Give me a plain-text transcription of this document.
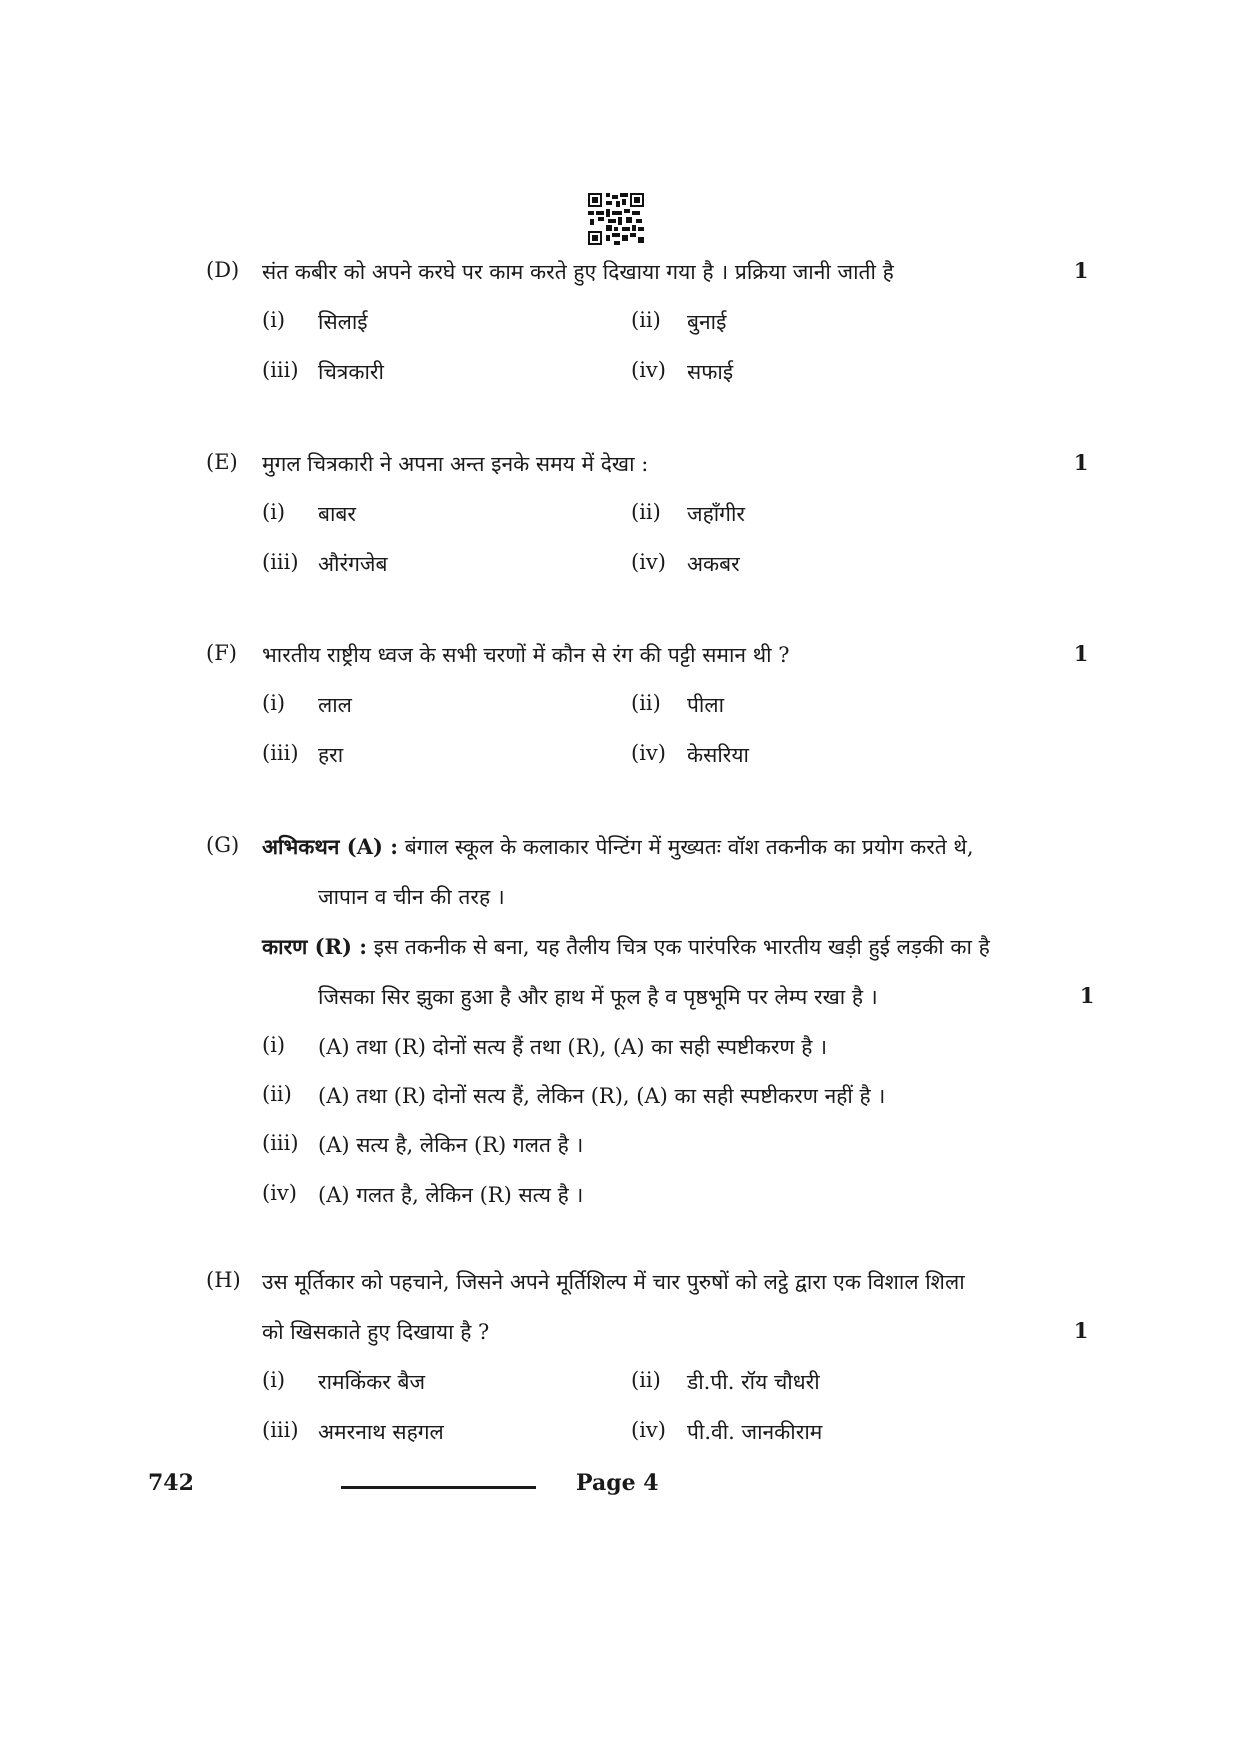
(D)	संत कबीर को अपने करघे पर काम करते हुए दिखाया गया है । प्रक्रिया जानी जाती है	1
(i)	सिलाई	(ii)	बुनाई
(iii) चित्रकारी	(iv)	सफाई
(E)	मुगल चित्रकारी ने अपना अन्त इनके समय में देखा :	1
(i)	बाबर	(ii)	जहाँगीर
(iii) औरंगजेब	(iv)	अकबर
(F)	भारतीय राष्ट्रीय ध्वज के सभी चरणों में कौन से रंग की पट्टी समान थी ?	1
(i)	लाल	(ii)	पीला
(iii) हरा	(iv)	केसरिया
(G)	अभिकथन (A) : बंगाल स्कूल के कलाकार पेन्टिंग में मुख्यतः वॉश तकनीक का प्रयोग करते थे,
जापान व चीन की तरह ।
कारण (R) : इस तकनीक से बना, यह तैलीय चित्र एक पारंपरिक भारतीय खड़ी हुई लड़की का है
जिसका सिर झुका हुआ है और हाथ में फूल है व पृष्ठभूमि पर लेम्प रखा है ।	1
(i)	(A) तथा (R) दोनों सत्य हैं तथा (R), (A) का सही स्पष्टीकरण है ।
(ii)	(A) तथा (R) दोनों सत्य हैं, लेकिन (R), (A) का सही स्पष्टीकरण नहीं है ।
(iii) (A) सत्य है, लेकिन (R) गलत है ।
(iv)	(A) गलत है, लेकिन (R) सत्य है ।
(H)	उस मूर्तिकार को पहचाने, जिसने अपने मूर्तिशिल्प में चार पुरुषों को लट्ठे द्वारा एक विशाल शिला
को खिसकाते हुए दिखाया है ?	1
(i)	रामकिंकर बैज	(ii)	डी.पी. रॉय चौधरी
(iii) अमरनाथ सहगल	(iv)	पी.वी. जानकीराम
742	Page 4
